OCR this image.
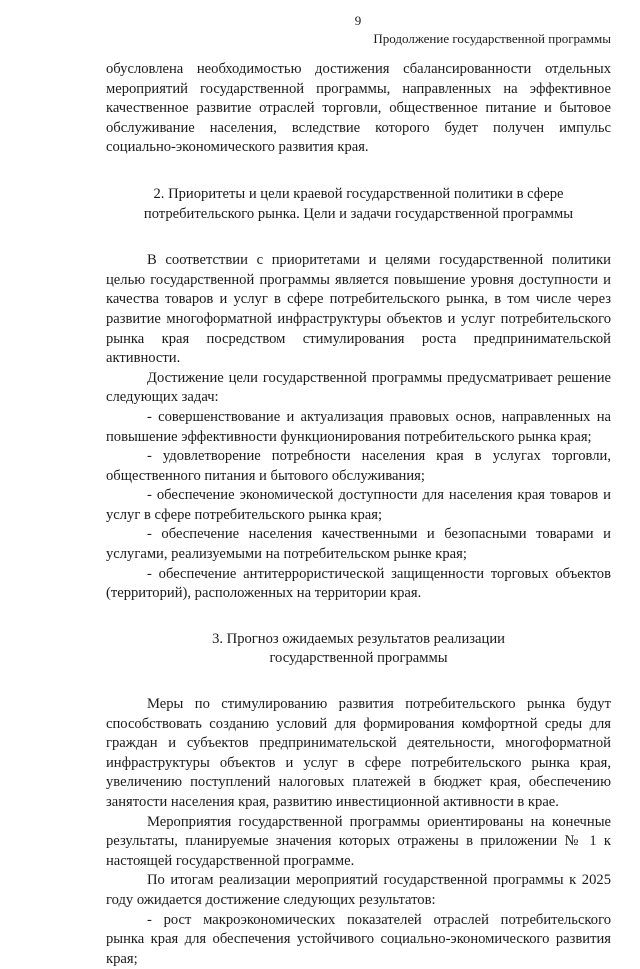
9
Продолжение государственной программы

обусловлена необходимостью достижения сбалансированности отдельных мероприятий государственной программы, направленных на эффективное качественное развитие отраслей торговли, общественное питание и бытовое обслуживание населения, вследствие которого будет получен импульс социально-экономического развития края.

2. Приоритеты и цели краевой государственной политики в сфере
потребительского рынка. Цели и задачи государственной программы

В соответствии с приоритетами и целями государственной политики целью государственной программы является повышение уровня доступности и качества товаров и услуг в сфере потребительского рынка, в том числе через развитие многоформатной инфраструктуры объектов и услуг потребительского рынка края посредством стимулирования роста предпринимательской активности.

Достижение цели государственной программы предусматривает решение следующих задач:

- совершенствование и актуализация правовых основ, направленных на повышение эффективности функционирования потребительского рынка края;

- удовлетворение потребности населения края в услугах торговли, общественного питания и бытового обслуживания;

- обеспечение экономической доступности для населения края товаров и услуг в сфере потребительского рынка края;

- обеспечение населения качественными и безопасными товарами и услугами, реализуемыми на потребительском рынке края;

- обеспечение антитеррористической защищенности торговых объектов (территорий), расположенных на территории края.

3. Прогноз ожидаемых результатов реализации
государственной программы

Меры по стимулированию развития потребительского рынка будут способствовать созданию условий для формирования комфортной среды для граждан и субъектов предпринимательской деятельности, многоформатной инфраструктуры объектов и услуг в сфере потребительского рынка края, увеличению поступлений налоговых платежей в бюджет края, обеспечению занятости населения края, развитию инвестиционной активности в крае.

Мероприятия государственной программы ориентированы на конечные результаты, планируемые значения которых отражены в приложении № 1 к настоящей государственной программе.

По итогам реализации мероприятий государственной программы к 2025 году ожидается достижение следующих результатов:

- рост макроэкономических показателей отраслей потребительского рынка края для обеспечения устойчивого социально-экономического развития края;
